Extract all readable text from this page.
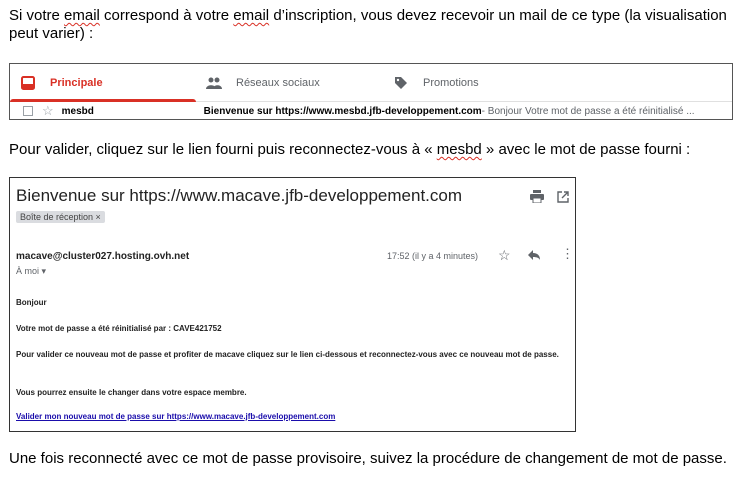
Si votre email correspond à votre email d’inscription, vous devez recevoir un mail de ce type (la visualisation peut varier) :
Principale	Réseaux sociaux	Promotions
☆ mesbd	Bienvenue sur https://www.mesbd.jfb-developpement.com - Bonjour Votre mot de passe a été réinitialisé ...
Pour valider, cliquez sur le lien fourni puis reconnectez-vous à « mesbd » avec le mot de passe fourni :
Bienvenue sur https://www.macave.jfb-developpement.com
Boîte de réception ×
macave@cluster027.hosting.ovh.net	17:52 (il y a 4 minutes) ☆	⋮
À moi ▾
Bonjour
Votre mot de passe a été réinitialisé par : CAVE421752
Pour valider ce nouveau mot de passe et profiter de macave cliquez sur le lien ci-dessous et reconnectez-vous avec ce nouveau mot de passe.
Vous pourrez ensuite le changer dans votre espace membre.
Valider mon nouveau mot de passe sur https://www.macave.jfb-developpement.com
Une fois reconnecté avec ce mot de passe provisoire, suivez la procédure de changement de mot de passe.
